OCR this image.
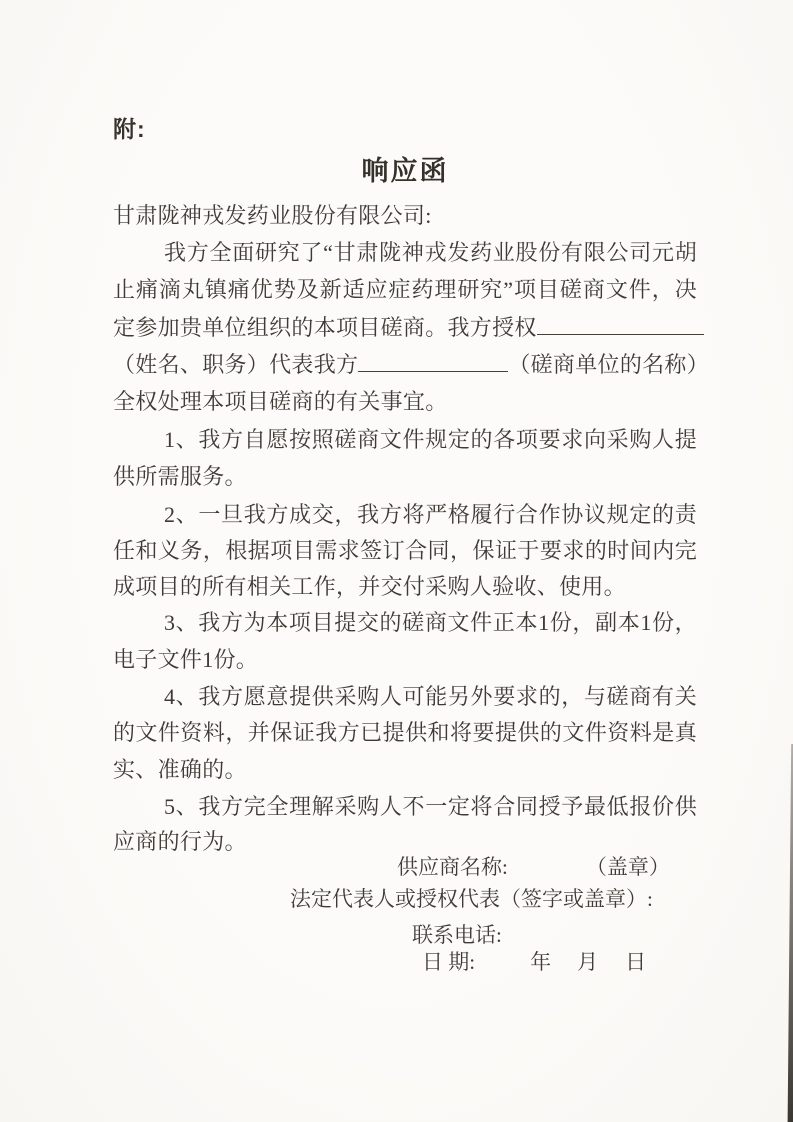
附:
响应函
甘肃陇神戎发药业股份有限公司:
我方全面研究了“甘肃陇神戎发药业股份有限公司元胡
止痛滴丸镇痛优势及新适应症药理研究”项目磋商文件，决
定参加贵单位组织的本项目磋商。我方授权
（姓名、职务）代表我方	（磋商单位的名称）
全权处理本项目磋商的有关事宜。
1、我方自愿按照磋商文件规定的各项要求向采购人提
供所需服务。
2、一旦我方成交，我方将严格履行合作协议规定的责
任和义务，根据项目需求签订合同，保证于要求的时间内完
成项目的所有相关工作，并交付采购人验收、使用。
3、我方为本项目提交的磋商文件正本1份，副本1份，
电子文件1份。
4、我方愿意提供采购人可能另外要求的，与磋商有关
的文件资料，并保证我方已提供和将要提供的文件资料是真
实、准确的。
5、我方完全理解采购人不一定将合同授予最低报价供
应商的行为。
供应商名称:	（盖章）
法定代表人或授权代表（签字或盖章）:
联系电话:
日 期:	年 月 日
